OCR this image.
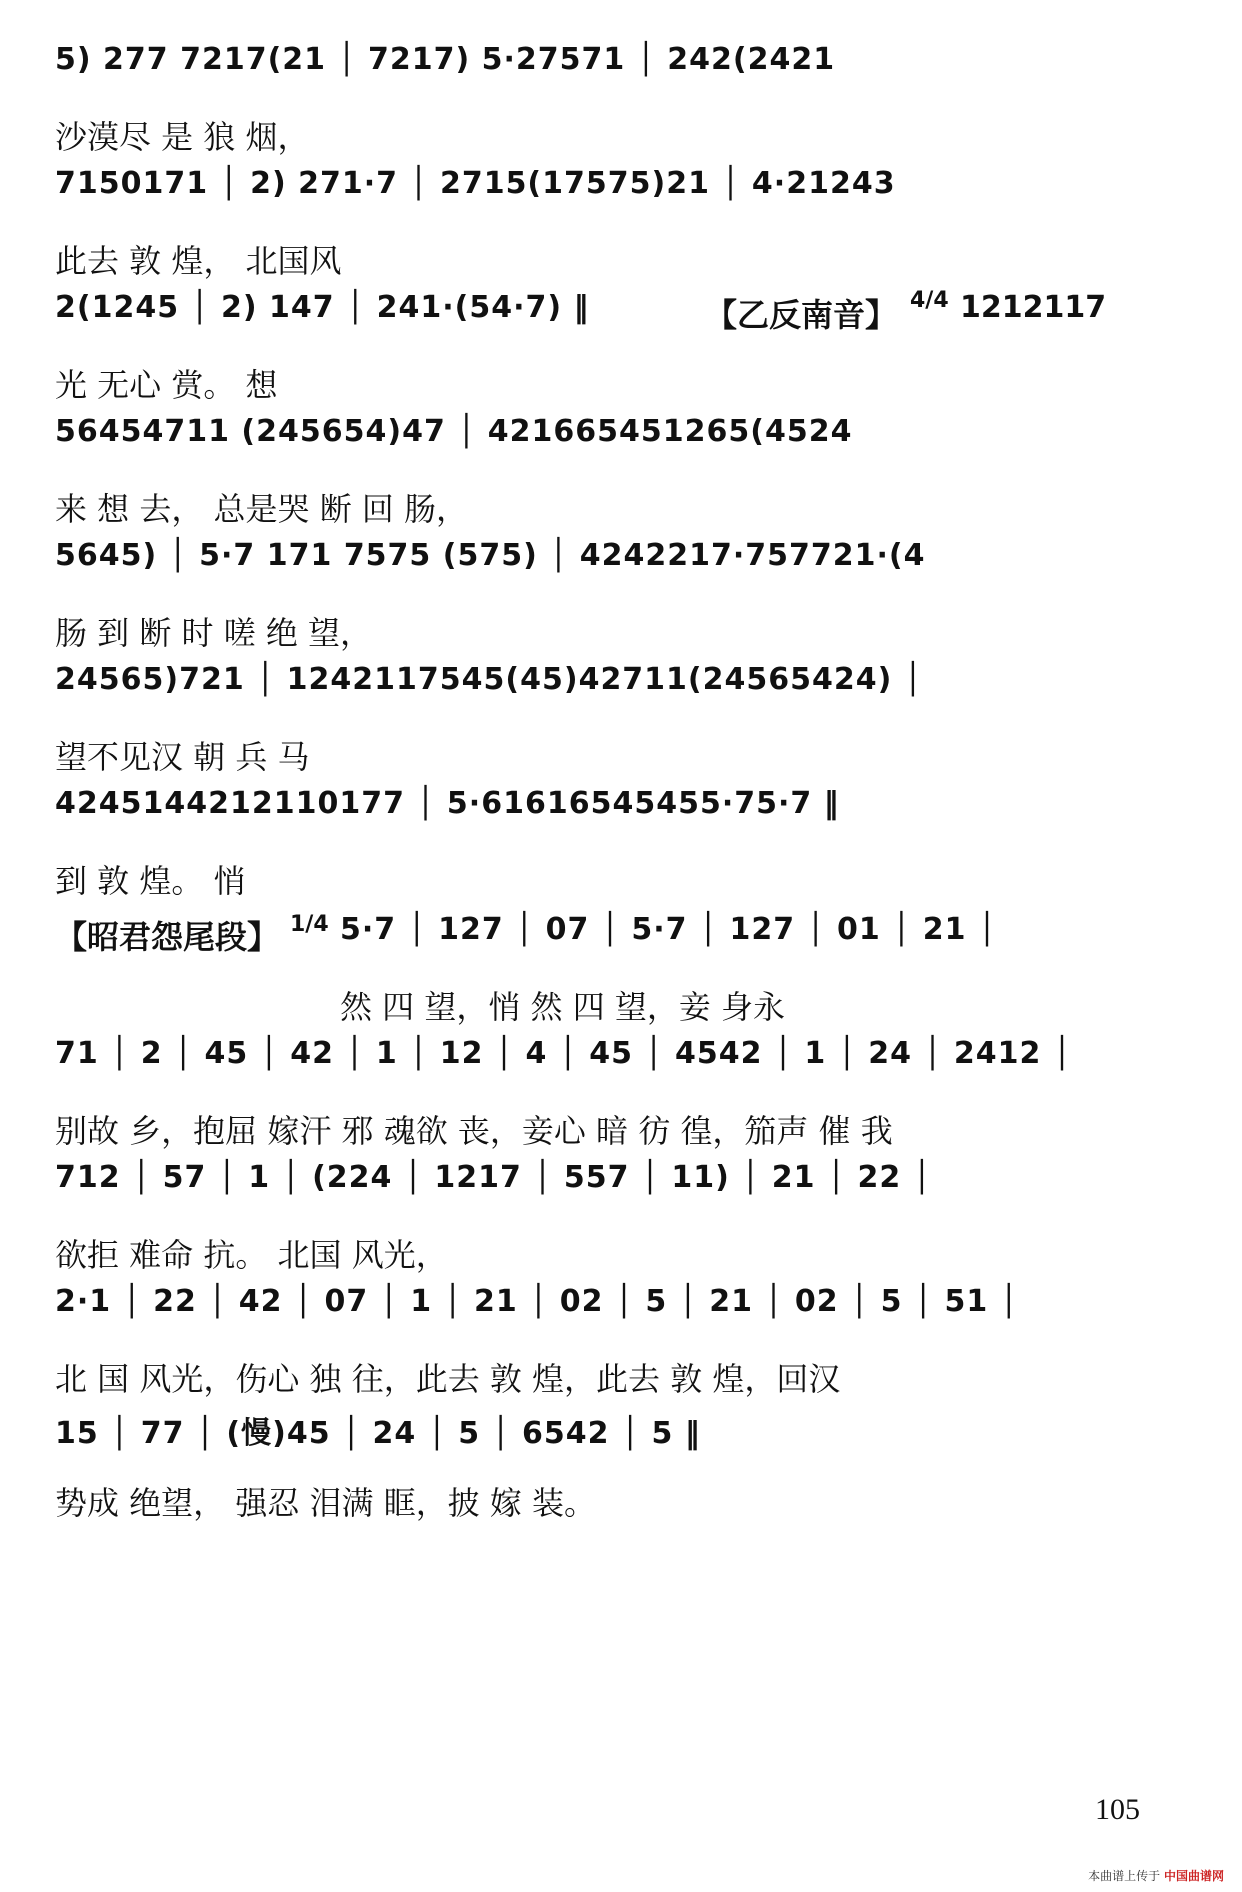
5) 277 7217(21 │ 7217) 5·27571 │ 242(2421
沙漠尽 是 狼 烟，
7150171 │ 2) 271·7 │ 2715(17575)21 │ 4·21243
此去 敦 煌， 北国风
2(1245 │ 2) 147 │ 241·(54·7) ‖
光 无心 赏。 想
【乙反南音】 4/4 1212117
56454711 (245654)47 │ 421665451265(4524
来 想 去， 总是哭 断 回 肠，
5645) │ 5·7 171 7575 (575) │ 4242217·757721·(4
肠 到 断 时 嗟 绝 望，
24565)721 │ 1242117545(45)42711(24565424) │
望不见汉 朝 兵 马
4245144212110177 │ 5·61616545455·75·7 ‖
到 敦 煌。 悄
【昭君怨尾段】 1/4 5·7 │ 127 │ 07 │ 5·7 │ 127 │ 01 │ 21 │
然 四 望，悄 然 四 望，妾 身永
71 │ 2 │ 45 │ 42 │ 1 │ 12 │ 4 │ 45 │ 4542 │ 1 │ 24 │ 2412 │
别故 乡，抱屈 嫁汗 邪 魂欲 丧，妾心 暗 彷 徨，笳声 催 我
712 │ 57 │ 1 │ (224 │ 1217 │ 557 │ 11) │ 21 │ 22 │
欲拒 难命 抗。 北国 风光，
2·1 │ 22 │ 42 │ 07 │ 1 │ 21 │ 02 │ 5 │ 21 │ 02 │ 5 │ 51 │
北 国 风光，伤心 独 往，此去 敦 煌，此去 敦 煌，回汉
15 │ 77 │ (慢)45 │ 24 │ 5 │ 6542 │ 5 ‖
势成 绝望， 强忍 泪满 眶，披 嫁 装。
105
本曲谱上传于 中国曲谱网
